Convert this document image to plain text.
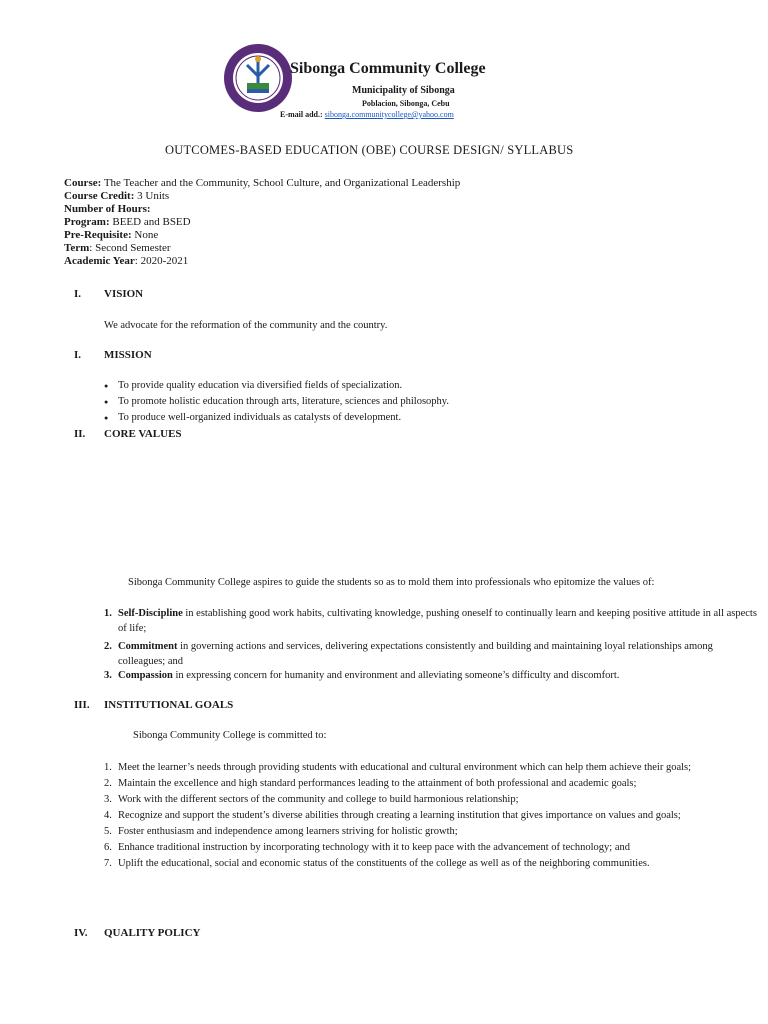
Sibonga Community College
Municipality of Sibonga
Poblacion, Sibonga, Cebu
E-mail add.: sibonga.communitycollege@yahoo.com
OUTCOMES-BASED EDUCATION (OBE) COURSE DESIGN/ SYLLABUS
Course: The Teacher and the Community, School Culture, and Organizational Leadership
Course Credit: 3 Units
Number of Hours:
Program: BEED and BSED
Pre-Requisite: None
Term: Second Semester
Academic Year: 2020-2021
I. VISION
We advocate for the reformation of the community and the country.
I. MISSION
● To provide quality education via diversified fields of specialization.
● To promote holistic education through arts, literature, sciences and philosophy.
● To produce well-organized individuals as catalysts of development.
II. CORE VALUES
Sibonga Community College aspires to guide the students so as to mold them into professionals who epitomize the values of:
1. Self-Discipline in establishing good work habits, cultivating knowledge, pushing oneself to continually learn and keeping positive attitude in all aspects of life;
2. Commitment in governing actions and services, delivering expectations consistently and building and maintaining loyal relationships among colleagues; and
3. Compassion in expressing concern for humanity and environment and alleviating someone’s difficulty and discomfort.
III. INSTITUTIONAL GOALS
Sibonga Community College is committed to:
1. Meet the learner’s needs through providing students with educational and cultural environment which can help them achieve their goals;
2. Maintain the excellence and high standard performances leading to the attainment of both professional and academic goals;
3. Work with the different sectors of the community and college to build harmonious relationship;
4. Recognize and support the student’s diverse abilities through creating a learning institution that gives importance on values and goals;
5. Foster enthusiasm and independence among learners striving for holistic growth;
6. Enhance traditional instruction by incorporating technology with it to keep pace with the advancement of technology; and
7. Uplift the educational, social and economic status of the constituents of the college as well as of the neighboring communities.
IV. QUALITY POLICY
